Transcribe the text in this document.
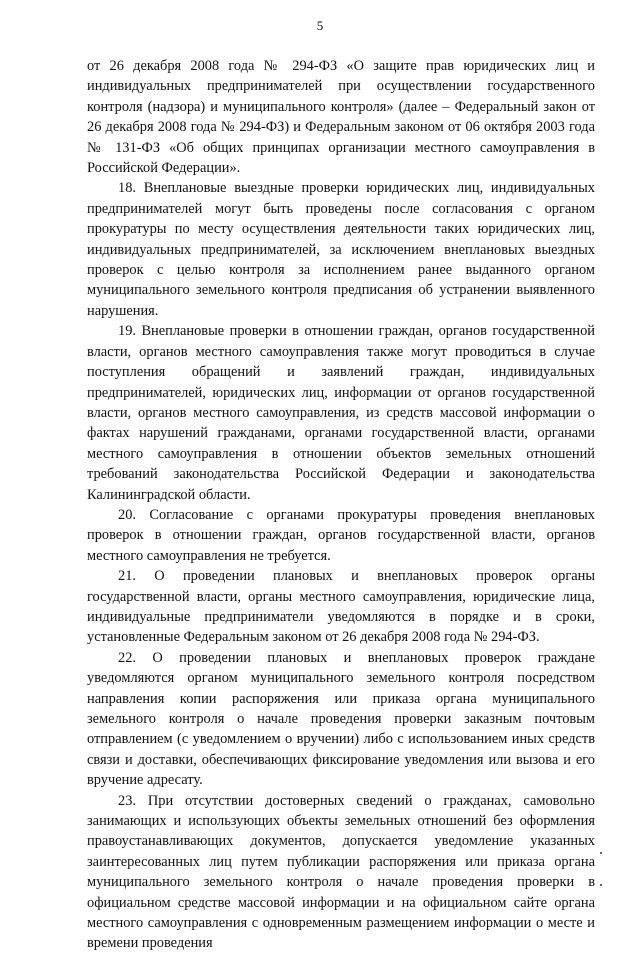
5

от 26 декабря 2008 года № 294-ФЗ «О защите прав юридических лиц и индивидуальных предпринимателей при осуществлении государственного контроля (надзора) и муниципального контроля» (далее – Федеральный закон от 26 декабря 2008 года № 294-ФЗ) и Федеральным законом от 06 октября 2003 года № 131-ФЗ «Об общих принципах организации местного самоуправления в Российской Федерации».

18. Внеплановые выездные проверки юридических лиц, индивидуальных предпринимателей могут быть проведены после согласования с органом прокуратуры по месту осуществления деятельности таких юридических лиц, индивидуальных предпринимателей, за исключением внеплановых выездных проверок с целью контроля за исполнением ранее выданного органом муниципального земельного контроля предписания об устранении выявленного нарушения.

19. Внеплановые проверки в отношении граждан, органов государственной власти, органов местного самоуправления также могут проводиться в случае поступления обращений и заявлений граждан, индивидуальных предпринимателей, юридических лиц, информации от органов государственной власти, органов местного самоуправления, из средств массовой информации о фактах нарушений гражданами, органами государственной власти, органами местного самоуправления в отношении объектов земельных отношений требований законодательства Российской Федерации и законодательства Калининградской области.

20. Согласование с органами прокуратуры проведения внеплановых проверок в отношении граждан, органов государственной власти, органов местного самоуправления не требуется.

21. О проведении плановых и внеплановых проверок органы государственной власти, органы местного самоуправления, юридические лица, индивидуальные предприниматели уведомляются в порядке и в сроки, установленные Федеральным законом от 26 декабря 2008 года № 294-ФЗ.

22. О проведении плановых и внеплановых проверок граждане уведомляются органом муниципального земельного контроля посредством направления копии распоряжения или приказа органа муниципального земельного контроля о начале проведения проверки заказным почтовым отправлением (с уведомлением о вручении) либо с использованием иных средств связи и доставки, обеспечивающих фиксирование уведомления или вызова и его вручение адресату.

23. При отсутствии достоверных сведений о гражданах, самовольно занимающих и использующих объекты земельных отношений без оформления правоустанавливающих документов, допускается уведомление указанных заинтересованных лиц путем публикации распоряжения или приказа органа муниципального земельного контроля о начале проведения проверки в официальном средстве массовой информации и на официальном сайте органа местного самоуправления с одновременным размещением информации о месте и времени проведения
